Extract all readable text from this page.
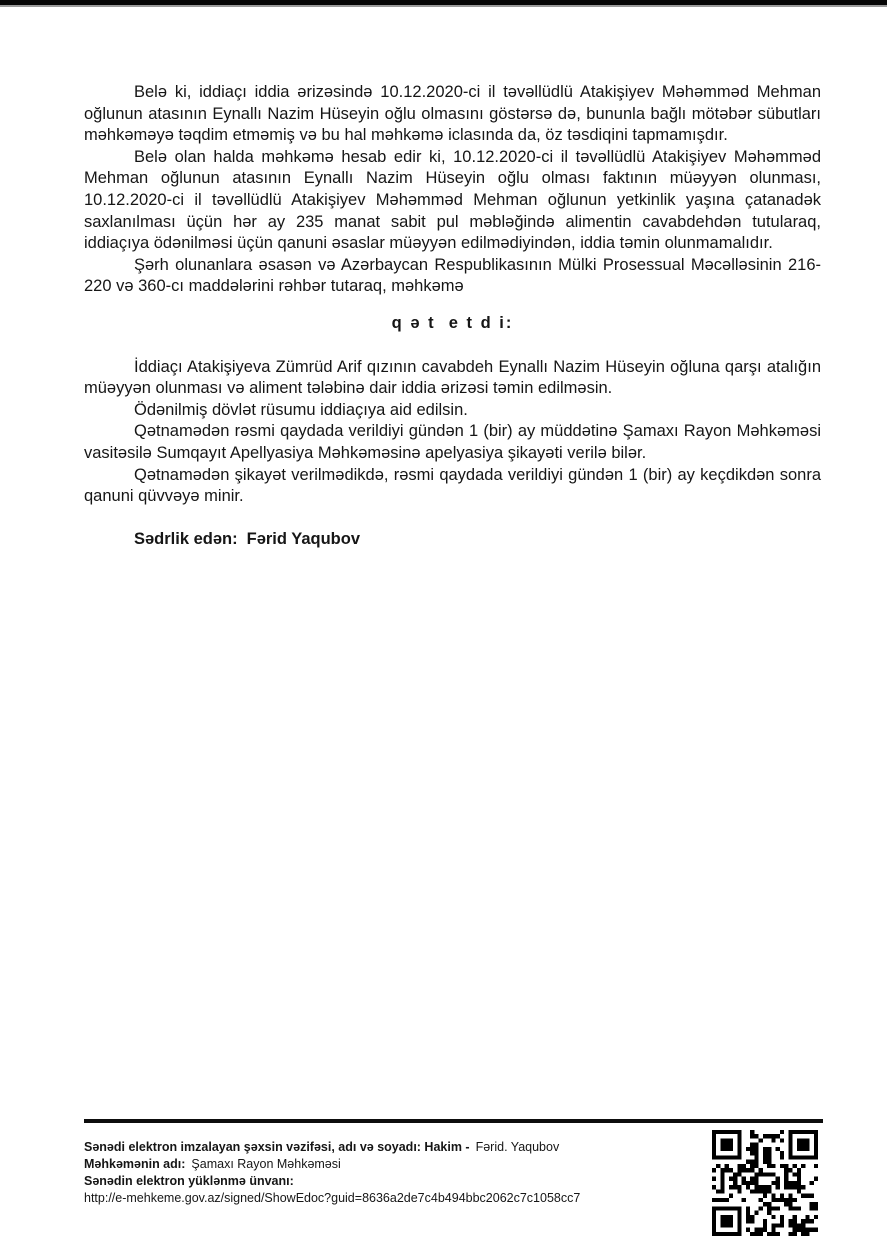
Belə ki, iddiaçı iddia ərizəsində 10.12.2020-ci il təvəllüdlü Atakişiyev Məhəmməd Mehman oğlunun atasının Eynallı Nazim Hüseyin oğlu olmasını göstərsə də, bununla bağlı mötəbər sübutları məhkəməyə təqdim etməmiş və bu hal məhkəmə iclasında da, öz təsdiqini tapmamışdır.

Belə olan halda məhkəmə hesab edir ki, 10.12.2020-ci il təvəllüdlü Atakişiyev Məhəmməd Mehman oğlunun atasının Eynallı Nazim Hüseyin oğlu olması faktının müəyyən olunması, 10.12.2020-ci il təvəllüdlü Atakişiyev Məhəmməd Mehman oğlunun yetkinlik yaşına çatanadək saxlanılması üçün hər ay 235 manat sabit pul məbləğində alimentin cavabdehdən tutularaq, iddiaçıya ödənilməsi üçün qanuni əsaslar müəyyən edilmədiyindən, iddia təmin olunmamalıdır.

Şərh olunanlara əsasən və Azərbaycan Respublikasının Mülki Prosessual Məcəlləsinin 216-220 və 360-cı maddələrini rəhbər tutaraq, məhkəmə

q ə t  e t d i:

İddiaçı Atakişiyeva Zümrüd Arif qızının cavabdeh Eynallı Nazim Hüseyin oğluna qarşı atalığın müəyyən olunması və aliment tələbinə dair iddia ərizəsi təmin edilməsin.

Ödənilmiş dövlət rüsumu iddiaçıya aid edilsin.

Qətnamədən rəsmi qaydada verildiyi gündən 1 (bir) ay müddətinə Şamaxı Rayon Məhkəməsi vasitəsilə Sumqayıt Apellyasiya Məhkəməsinə apelyasiya şikayəti verilə bilər.

Qətnamədən şikayət verilmədikdə, rəsmi qaydada verildiyi gündən 1 (bir) ay keçdikdən sonra qanuni qüvvəyə minir.

Sədrlik edən: Fərid Yaqubov
Sənədi elektron imzalayan şəxsin vəzifəsi, adı və soyadı: Hakim - Fərid. Yaqubov
Məhkəmənin adı: Şamaxı Rayon Məhkəməsi
Sənədin elektron yüklənmə ünvanı:
http://e-mehkeme.gov.az/signed/ShowEdoc?guid=8636a2de7c4b494bbc2062c7c1058cc7
